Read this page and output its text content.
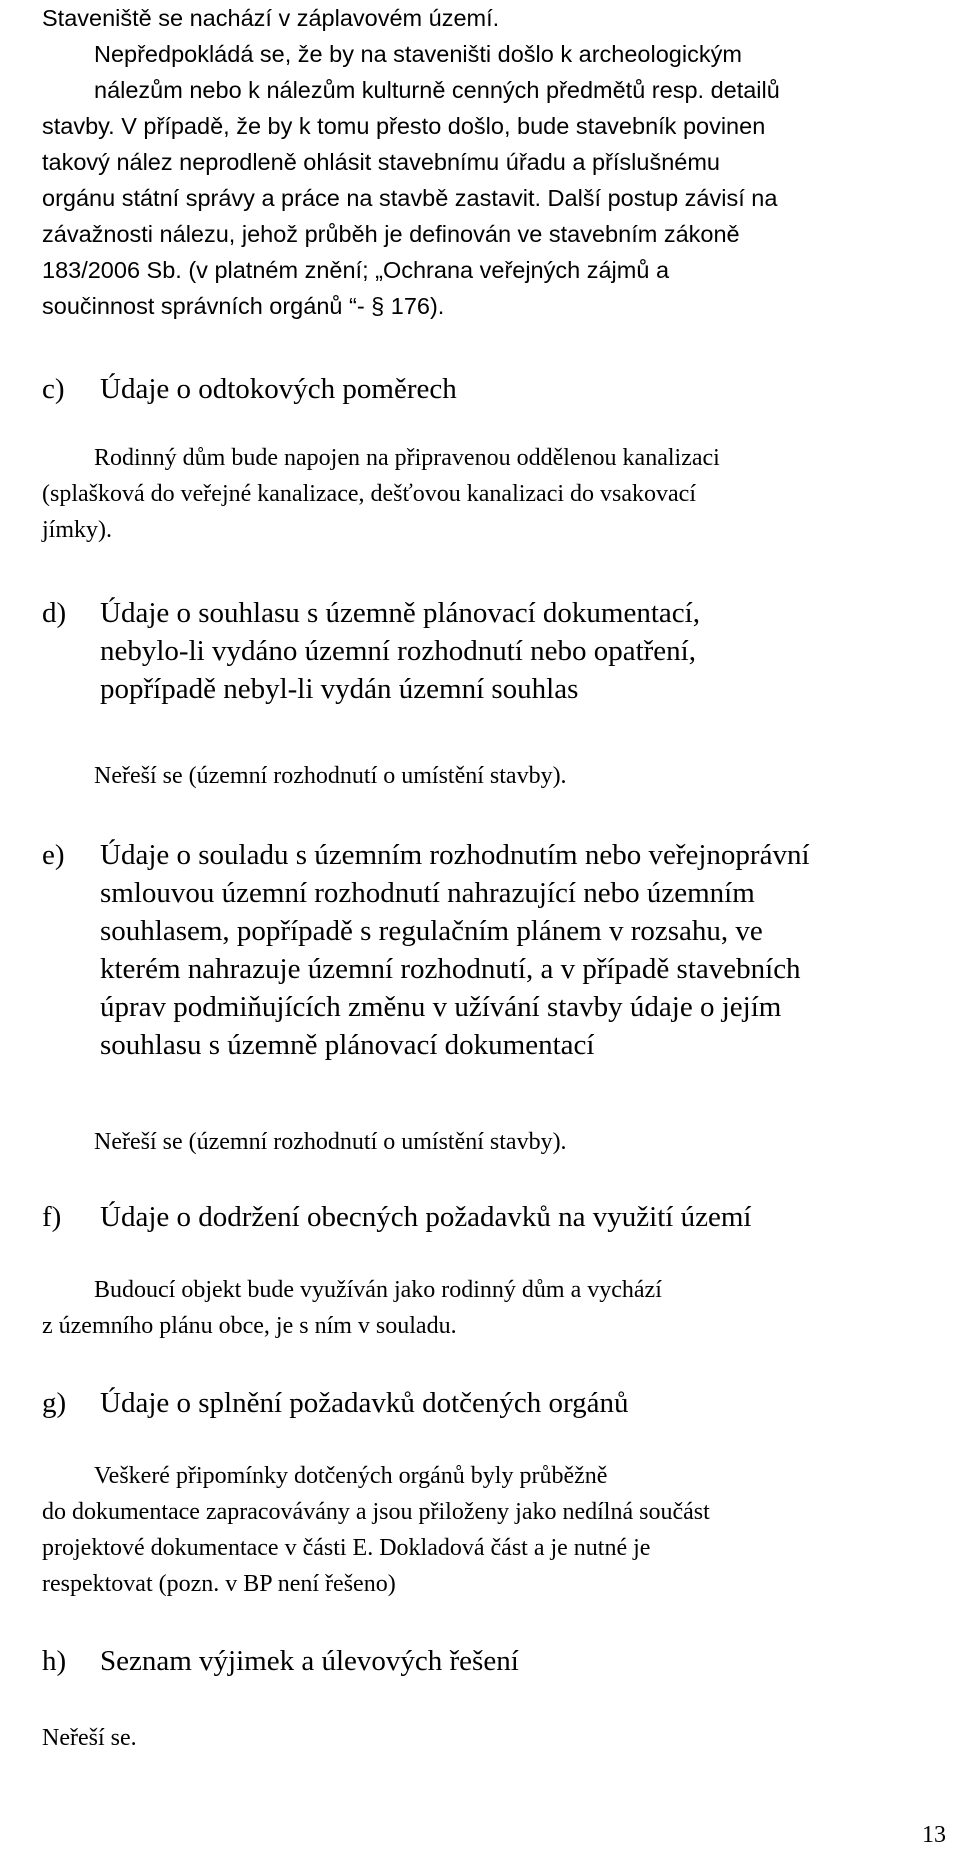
Staveniště se nachází v záplavovém území.
Nepředpokládá se, že by na staveništi došlo k archeologickým
nálezům nebo k nálezům kulturně cenných předmětů resp. detailů
stavby. V případě, že by k tomu přesto došlo, bude stavebník povinen
takový nález neprodleně ohlásit stavebnímu úřadu a příslušnému
orgánu státní správy a práce na stavbě zastavit. Další postup závisí na
závažnosti nálezu, jehož průběh je definován ve stavebním zákoně
183/2006 Sb. (v platném znění; „Ochrana veřejných zájmů a
součinnost správních orgánů “- § 176).
c)	Údaje o odtokových poměrech
Rodinný dům bude napojen na připravenou oddělenou kanalizaci
(splašková do veřejné kanalizace, dešťovou kanalizaci do vsakovací
jímky).
d)	Údaje o souhlasu s územně plánovací dokumentací,
nebylo-li vydáno územní rozhodnutí nebo opatření,
popřípadě nebyl-li vydán územní souhlas
Neřeší se (územní rozhodnutí o umístění stavby).
e)	Údaje o souladu s územním rozhodnutím nebo veřejnoprávní
smlouvou územní rozhodnutí nahrazující nebo územním
souhlasem, popřípadě s regulačním plánem v rozsahu, ve
kterém nahrazuje územní rozhodnutí, a v případě stavebních
úprav podmiňujících změnu v užívání stavby údaje o jejím
souhlasu s územně plánovací dokumentací
Neřeší se (územní rozhodnutí o umístění stavby).
f)	Údaje o dodržení obecných požadavků na využití území
Budoucí objekt bude využíván jako rodinný dům a vychází
z územního plánu obce, je s ním v souladu.
g)	Údaje o splnění požadavků dotčených orgánů
Veškeré připomínky dotčených orgánů byly průběžně
do dokumentace zapracovávány a jsou přiloženy jako nedílná součást
projektové dokumentace v části E. Dokladová část a je nutné je
respektovat (pozn. v BP není řešeno)
h)	Seznam výjimek a úlevových řešení
Neřeší se.
13
